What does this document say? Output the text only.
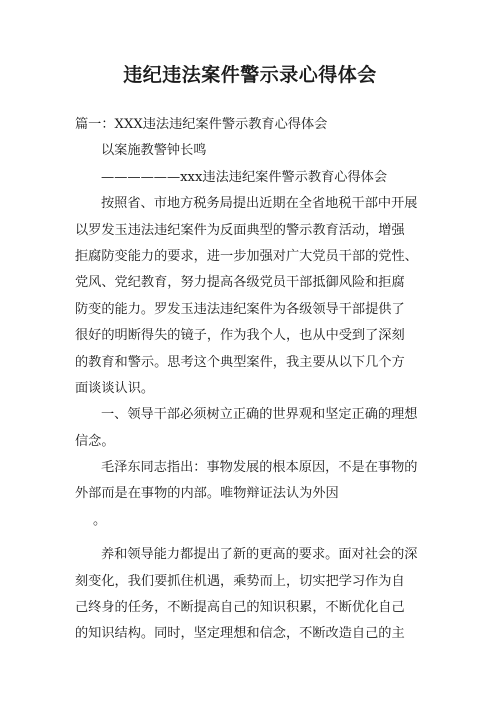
违纪违法案件警示录心得体会
篇一：XXX违法违纪案件警示教育心得体会
以案施教警钟长鸣
——————xxx违法违纪案件警示教育心得体会
按照省、市地方税务局提出近期在全省地税干部中开展
以罗发玉违法违纪案件为反面典型的警示教育活动，增强
拒腐防变能力的要求，进一步加强对广大党员干部的党性、
党风、党纪教育，努力提高各级党员干部抵御风险和拒腐
防变的能力。罗发玉违法违纪案件为各级领导干部提供了
很好的明断得失的镜子，作为我个人，也从中受到了深刻
的教育和警示。思考这个典型案件，我主要从以下几个方
面谈谈认识。
一、领导干部必须树立正确的世界观和坚定正确的理想
信念。
毛泽东同志指出：事物发展的根本原因，不是在事物的
外部而是在事物的内部。唯物辩证法认为外因
。
养和领导能力都提出了新的更高的要求。面对社会的深
刻变化，我们要抓住机遇，乘势而上，切实把学习作为自
己终身的任务，不断提高自己的知识积累，不断优化自己
的知识结构。同时，坚定理想和信念，不断改造自己的主
